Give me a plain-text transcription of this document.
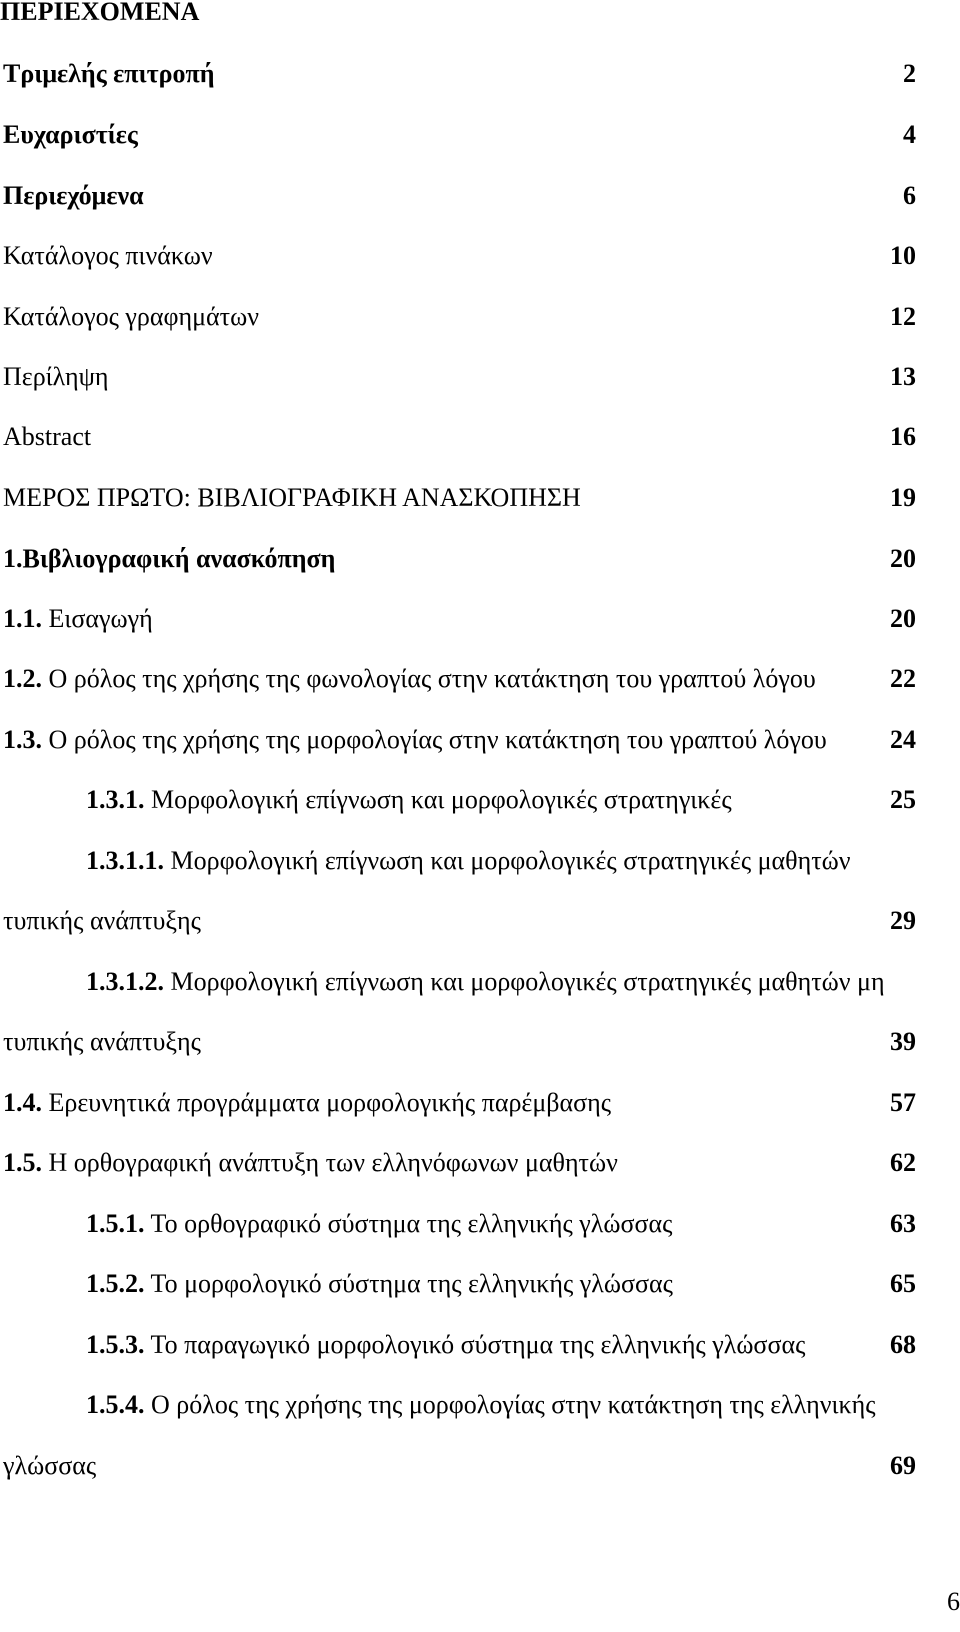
ΠΕΡΙΕΧΟΜΕΝΑ
Τριμελής επιτροπή	2
Ευχαριστίες	4
Περιεχόμενα	6
Κατάλογος πινάκων	10
Κατάλογος γραφημάτων	12
Περίληψη	13
Abstract	16
ΜΕΡΟΣ ΠΡΩΤΟ: ΒΙΒΛΙΟΓΡΑΦΙΚΗ ΑΝΑΣΚΟΠΗΣΗ	19
1.Βιβλιογραφική ανασκόπηση	20
1.1. Εισαγωγή	20
1.2. Ο ρόλος της χρήσης της φωνολογίας στην κατάκτηση του γραπτού λόγου	22
1.3. Ο ρόλος της χρήσης της μορφολογίας στην κατάκτηση του γραπτού λόγου	24
1.3.1. Μορφολογική επίγνωση και μορφολογικές στρατηγικές	25
1.3.1.1. Μορφολογική επίγνωση και μορφολογικές στρατηγικές μαθητών
τυπικής ανάπτυξης	29
1.3.1.2. Μορφολογική επίγνωση και μορφολογικές στρατηγικές μαθητών μη
τυπικής ανάπτυξης	39
1.4. Ερευνητικά προγράμματα μορφολογικής παρέμβασης	57
1.5. Η ορθογραφική ανάπτυξη των ελληνόφωνων μαθητών	62
1.5.1. Το ορθογραφικό σύστημα της ελληνικής γλώσσας	63
1.5.2. Το μορφολογικό σύστημα της ελληνικής γλώσσας	65
1.5.3. Το παραγωγικό μορφολογικό σύστημα της ελληνικής γλώσσας	68
1.5.4. Ο ρόλος της χρήσης της μορφολογίας στην κατάκτηση της ελληνικής
γλώσσας	69
6
